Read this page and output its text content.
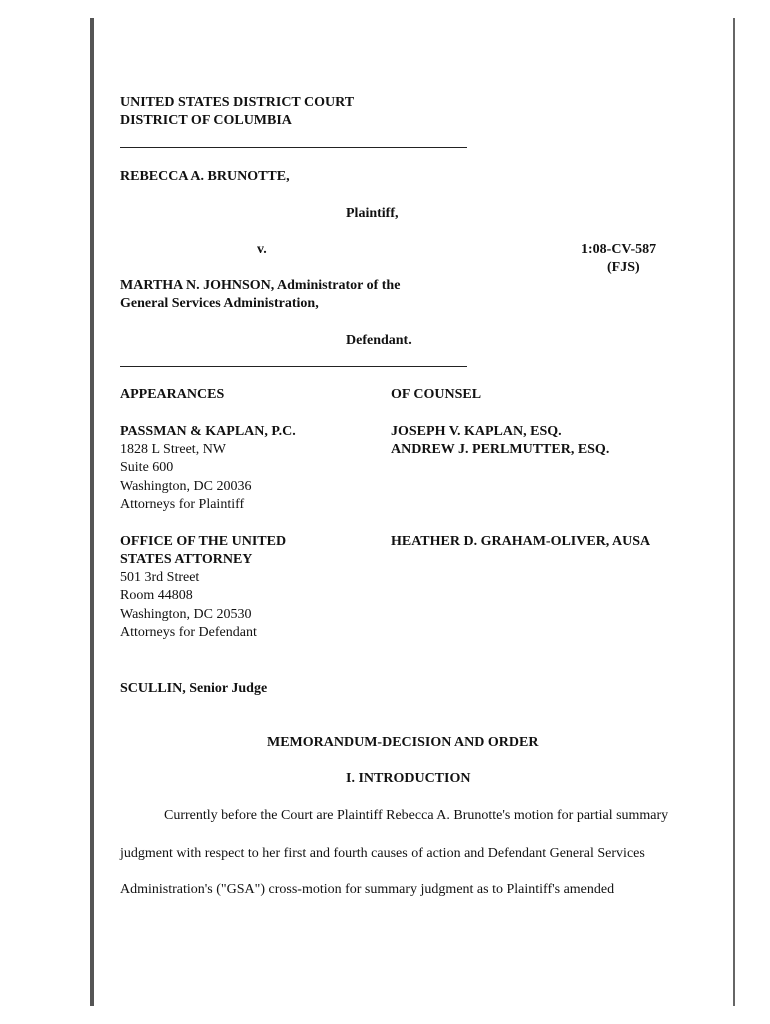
UNITED STATES DISTRICT COURT
DISTRICT OF COLUMBIA
REBECCA A. BRUNOTTE,
Plaintiff,
v.	1:08-CV-587
(FJS)
MARTHA N. JOHNSON, Administrator of the
General Services Administration,
Defendant.
APPEARANCES	OF COUNSEL
PASSMAN & KAPLAN, P.C.
1828 L Street, NW
Suite 600
Washington, DC 20036
Attorneys for Plaintiff
JOSEPH V. KAPLAN, ESQ.
ANDREW J. PERLMUTTER, ESQ.
OFFICE OF THE UNITED
STATES ATTORNEY
501 3rd Street
Room 44808
Washington, DC 20530
Attorneys for Defendant
HEATHER D. GRAHAM-OLIVER, AUSA
SCULLIN, Senior Judge
MEMORANDUM-DECISION AND ORDER
I. INTRODUCTION
Currently before the Court are Plaintiff Rebecca A. Brunotte's motion for partial summary
judgment with respect to her first and fourth causes of action and Defendant General Services
Administration's ("GSA") cross-motion for summary judgment as to Plaintiff's amended
